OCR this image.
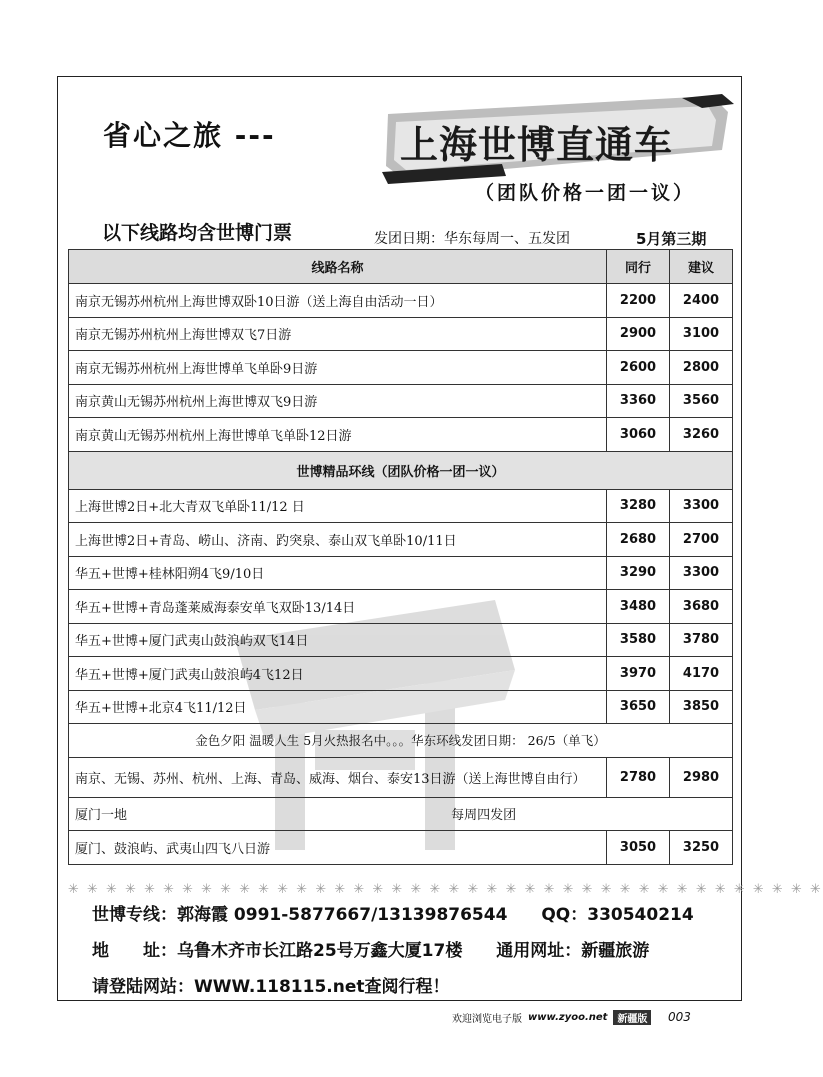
省心之旅 ---	上海世博直通车
（团队价格一团一议）
以下线路均含世博门票	发团日期：华东每周一、五发团	5月第三期
线路名称	同行	建议
南京无锡苏州杭州上海世博双卧10日游（送上海自由活动一日）	2200	2400
南京无锡苏州杭州上海世博双飞7日游	2900	3100
南京无锡苏州杭州上海世博单飞单卧9日游	2600	2800
南京黄山无锡苏州杭州上海世博双飞9日游	3360	3560
南京黄山无锡苏州杭州上海世博单飞单卧12日游	3060	3260
世博精品环线（团队价格一团一议）		
上海世博2日+北大青双飞单卧11/12 日	3280	3300
上海世博2日+青岛、崂山、济南、趵突泉、泰山双飞单卧10/11日	2680	2700
华五+世博+桂林阳朔4飞9/10日	3290	3300
华五+世博+青岛蓬莱威海泰安单飞双卧13/14日	3480	3680
华五+世博+厦门武夷山鼓浪屿双飞14日	3580	3780
华五+世博+厦门武夷山鼓浪屿4飞12日	3970	4170
华五+世博+北京4飞11/12日	3650	3850
金色夕阳 温暖人生 5月火热报名中。。。华东环线发团日期： 26/5（单飞）		
南京、无锡、苏州、杭州、上海、青岛、威海、烟台、泰安13日游（送上海世博自由行）	2780	2980
厦门一地 每周四发团		
厦门、鼓浪屿、武夷山四飞八日游	3050	3250
✳ ✳ ✳ ✳ ✳ ✳ ✳ ✳ ✳ ✳ ✳ ✳ ✳ ✳ ✳ ✳ ✳ ✳ ✳ ✳ ✳ ✳ ✳ ✳ ✳ ✳ ✳ ✳ ✳ ✳ ✳ ✳ ✳ ✳ ✳ ✳ ✳ ✳ ✳ ✳
世博专线：郭海霞 0991-5877667/13139876544 QQ：330540214
地　　址：乌鲁木齐市长江路25号万鑫大厦17楼 通用网址：新疆旅游
请登陆网站：WWW.118115.net查阅行程！
欢迎浏览电子版 www.zyoo.net	新疆版	003
